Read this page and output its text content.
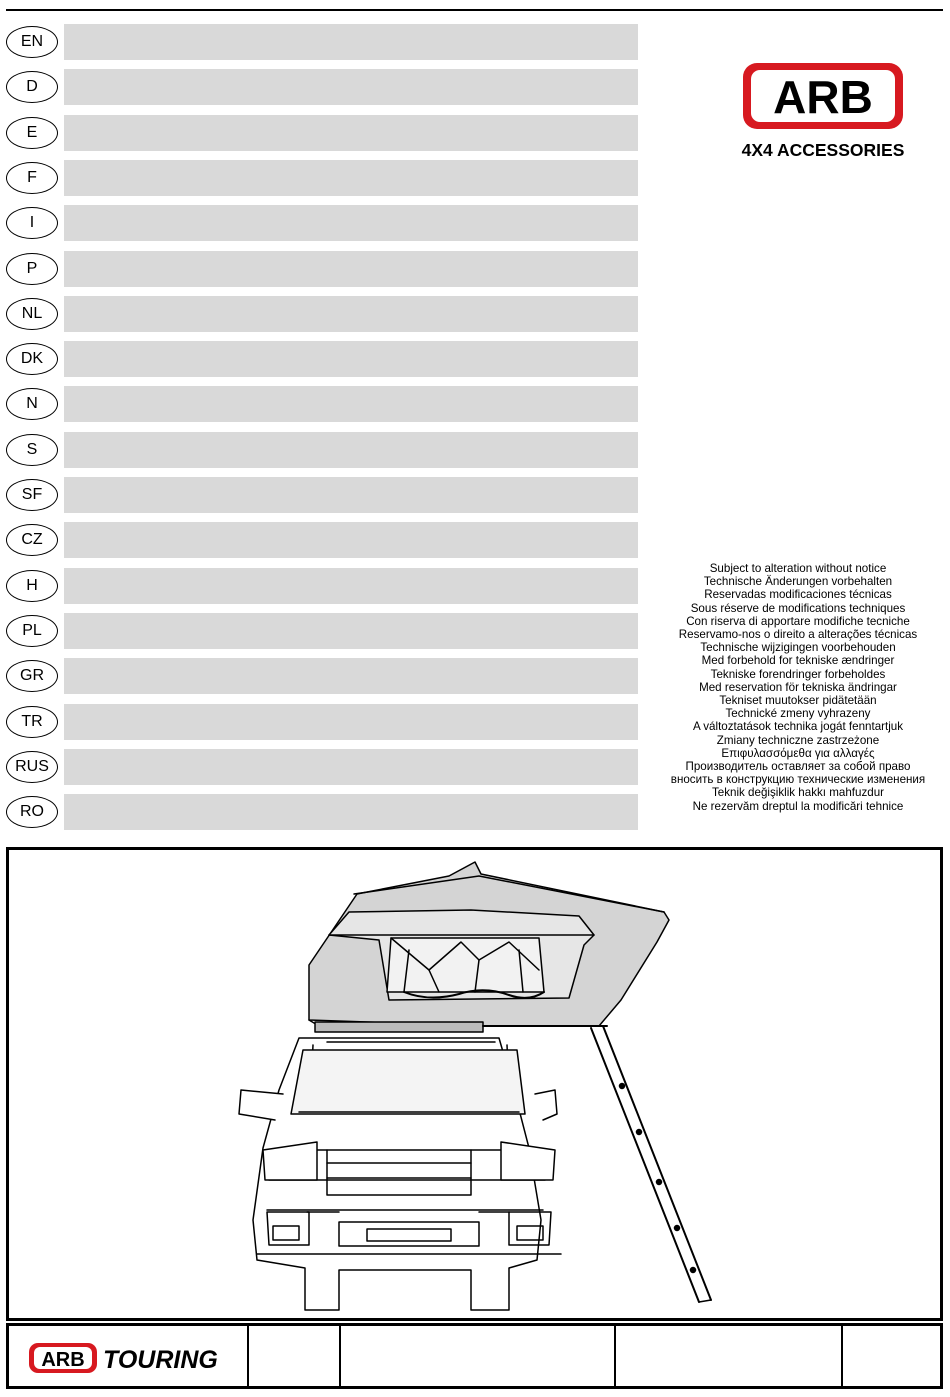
EN
D
E
F
I
P
NL
DK
N
S
SF
CZ
H
PL
GR
TR
RUS
RO
ARB
4X4 ACCESSORIES
Subject to alteration without notice
Technische Änderungen vorbehalten
Reservadas modificaciones técnicas
Sous réserve de modifications techniques
Con riserva di apportare modifiche tecniche
Reservamo-nos o direito a alterações técnicas
Technische wijzigingen voorbehouden
Med forbehold for tekniske ændringer
Tekniske forendringer forbeholdes
Med reservation för tekniska ändringar
Tekniset muutokser pidätetään
Technické zmeny vyhrazeny
A változtatások technika jogát fenntartjuk
Zmiany techniczne zastrzeżone
Επιφυλασσόμεθα για αλλαγές
Производитель оставляет за собой право
вносить в конструкцию технические изменения
Teknik değişiklik hakkı mahfuzdur
Ne rezervăm dreptul la modificări tehnice
ARB TOURING
